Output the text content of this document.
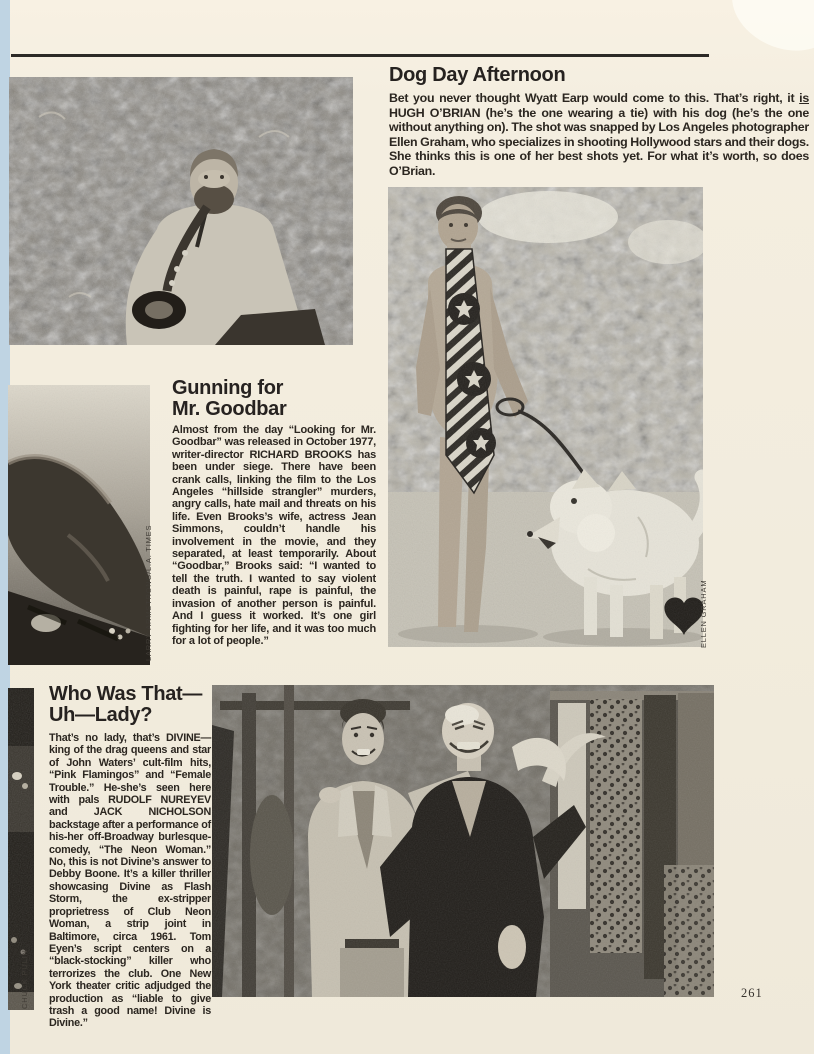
Dog Day Afternoon

Bet you never thought Wyatt Earp would come to this. That’s right, it is HUGH O’BRIAN (he’s the one wearing a tie) with his dog (he’s the one without anything on). The shot was snapped by Los Angeles photographer Ellen Graham, who specializes in shooting Hollywood stars and their dogs. She thinks this is one of her best shots yet. For what it’s worth, so does O’Brian.

ELLEN GRAHAM
LARRY ARMSTRONG/L.A. TIMES
Gunning for
Mr. Goodbar

Almost from the day “Looking for Mr. Goodbar” was released in October 1977, writer-director RICHARD BROOKS has been under siege. There have been crank calls, linking the film to the Los Angeles “hillside strangler” murders, angry calls, hate mail and threats on his life. Even Brooks’s wife, actress Jean Simmons, couldn’t handle his involvement in the movie, and they separated, at least temporarily. About “Goodbar,” Brooks said: “I wanted to tell the truth. I wanted to say violent death is painful, rape is painful, the invasion of another person is painful. And I guess it worked. It’s one girl fighting for her life, and it was too much for a lot of people.”

Who Was That—
Uh—Lady?

That’s no lady, that’s DIVINE—king of the drag queens and star of John Waters’ cult-film hits, “Pink Flamingos” and “Female Trouble.” He-she’s seen here with pals RUDOLF NUREYEV and JACK NICHOLSON backstage after a performance of his-her off-Broadway burlesque-comedy, “The Neon Woman.” No, this is not Divine’s answer to Debby Boone. It’s a killer thriller showcasing Divine as Flash Storm, the ex-stripper proprietress of Club Neon Woman, a strip joint in Baltimore, circa 1961. Tom Eyen’s script centers on a “black-stocking” killer who terrorizes the club. One New York theater critic adjudged the production as “liable to give trash a good name! Divine is Divine.”

CHUCK PULIN	261
